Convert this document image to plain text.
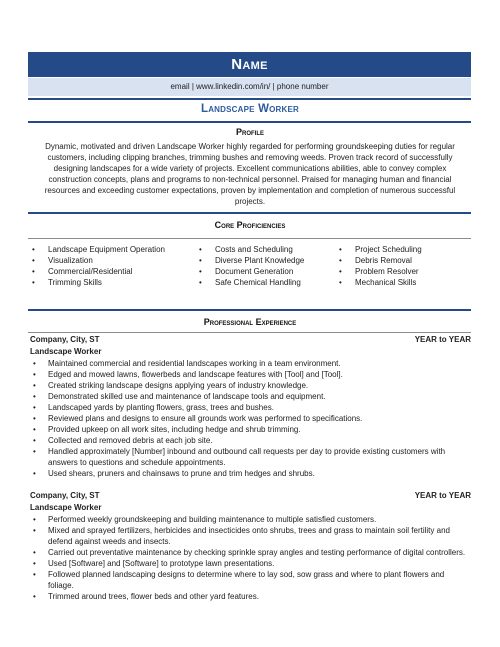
Name
email | www.linkedin.com/in/ | phone number
Landscape Worker
Profile
Dynamic, motivated and driven Landscape Worker highly regarded for performing groundskeeping duties for regular customers, including clipping branches, trimming bushes and removing weeds. Proven track record of successfully designing landscapes for a wide variety of projects. Excellent communications abilities, able to convey complex construction concepts, plans and programs to non-technical personnel. Praised for managing human and financial resources and exceeding customer expectations, proven by implementation and completion of numerous successful projects.
Core Proficiencies
• Landscape Equipment Operation
• Visualization
• Commercial/Residential
• Trimming Skills
• Costs and Scheduling
• Diverse Plant Knowledge
• Document Generation
• Safe Chemical Handling
• Project Scheduling
• Debris Removal
• Problem Resolver
• Mechanical Skills
Professional Experience
Company, City, ST	YEAR to YEAR
Landscape Worker
• Maintained commercial and residential landscapes working in a team environment.
• Edged and mowed lawns, flowerbeds and landscape features with [Tool] and [Tool].
• Created striking landscape designs applying years of industry knowledge.
• Demonstrated skilled use and maintenance of landscape tools and equipment.
• Landscaped yards by planting flowers, grass, trees and bushes.
• Reviewed plans and designs to ensure all grounds work was performed to specifications.
• Provided upkeep on all work sites, including hedge and shrub trimming.
• Collected and removed debris at each job site.
• Handled approximately [Number] inbound and outbound call requests per day to provide existing customers with answers to questions and schedule appointments.
• Used shears, pruners and chainsaws to prune and trim hedges and shrubs.
Company, City, ST	YEAR to YEAR
Landscape Worker
• Performed weekly groundskeeping and building maintenance to multiple satisfied customers.
• Mixed and sprayed fertilizers, herbicides and insecticides onto shrubs, trees and grass to maintain soil fertility and defend against weeds and insects.
• Carried out preventative maintenance by checking sprinkle spray angles and testing performance of digital controllers.
• Used [Software] and [Software] to prototype lawn presentations.
• Followed planned landscaping designs to determine where to lay sod, sow grass and where to plant flowers and foliage.
• Trimmed around trees, flower beds and other yard features.
